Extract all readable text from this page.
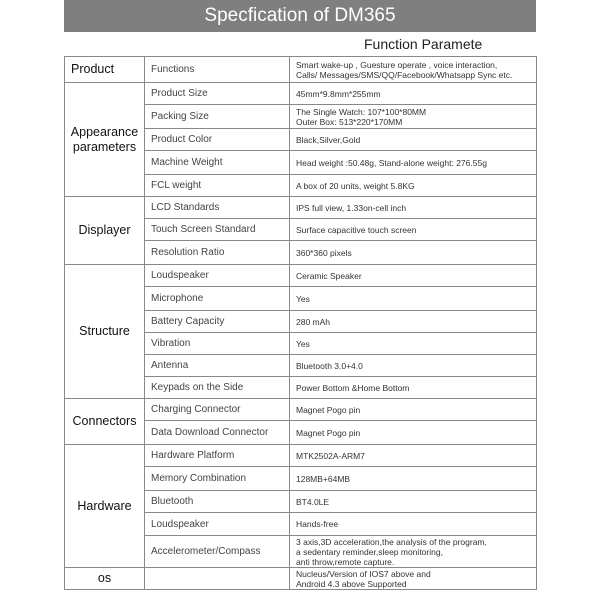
Specfication of DM365
Function Paramete
Product	Functions	Smart wake-up , Guesture operate , voice interaction,
Calls/ Messages/SMS/QQ/Facebook/Whatsapp Sync etc.

Appearance parameters	Product Size	45mm*9.8mm*255mm

	Packing Size	The Single Watch: 107*100*80MM
Outer Box: 513*220*170MM

	Product Color	Black,Silver,Gold

	Machine Weight	Head weight :50.48g, Stand-alone weight: 276.55g

	FCL weight	A box of 20 units, weight 5.8KG

Displayer	LCD Standards	IPS full view, 1.33on-cell inch

	Touch Screen Standard	Surface capacitive touch screen

	Resolution Ratio	360*360 pixels

Structure	Loudspeaker	Ceramic Speaker

	Microphone	Yes

	Battery Capacity	280 mAh

	Vibration	Yes

	Antenna	Bluetooth 3.0+4.0

	Keypads on the Side	Power Bottom &Home Bottom

Connectors	Charging Connector	Magnet Pogo pin

	Data Download Connector	Magnet Pogo pin

Hardware	Hardware Platform	MTK2502A-ARM7

	Memory Combination	128MB+64MB

	Bluetooth	BT4.0LE

	Loudspeaker	Hands-free

	Accelerometer/Compass	3 axis,3D acceleration,the analysis of the program,
a sedentary reminder,sleep monitoring,
anti throw,remote capture.

os		Nucleus/Version of IOS7 above and
Android 4.3 above Supported
